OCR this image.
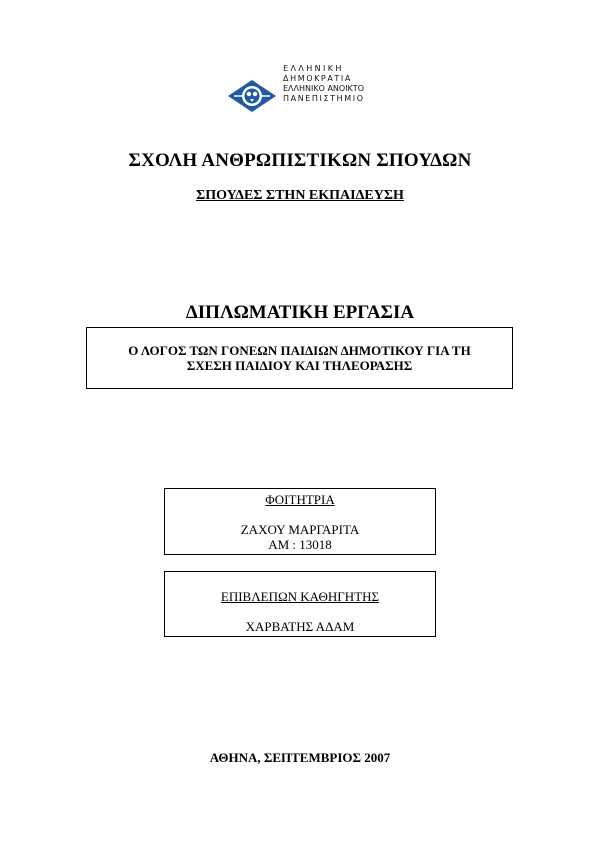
ΕΛΛΗΝΙΚΗ
ΔΗΜΟΚΡΑΤΙΑ
ΕΛΛΗΝΙΚΟ ΑΝΟΙΚΤΟ
ΠΑΝΕΠΙΣΤΗΜΙΟ
ΣΧΟΛΗ ΑΝΘΡΩΠΙΣΤΙΚΩΝ ΣΠΟΥΔΩΝ
ΣΠΟΥΔΕΣ ΣΤΗΝ ΕΚΠΑΙΔΕΥΣΗ
ΔΙΠΛΩΜΑΤΙΚΗ ΕΡΓΑΣΙΑ
Ο ΛΟΓΟΣ ΤΩΝ ΓΟΝΕΩΝ ΠΑΙΔΙΩΝ ΔΗΜΟΤΙΚΟΥ ΓΙΑ ΤΗ
ΣΧΕΣΗ ΠΑΙΔΙΟΥ ΚΑΙ ΤΗΛΕΟΡΑΣΗΣ
ΦΟΙΤΗΤΡΙΑ
ΖΑΧΟΥ ΜΑΡΓΑΡΙΤΑ
ΑΜ : 13018
ΕΠΙΒΛΕΠΩΝ ΚΑΘΗΓΗΤΗΣ
ΧΑΡΒΑΤΗΣ ΑΔΑΜ
ΑΘΗΝΑ, ΣΕΠΤΕΜΒΡΙΟΣ 2007
